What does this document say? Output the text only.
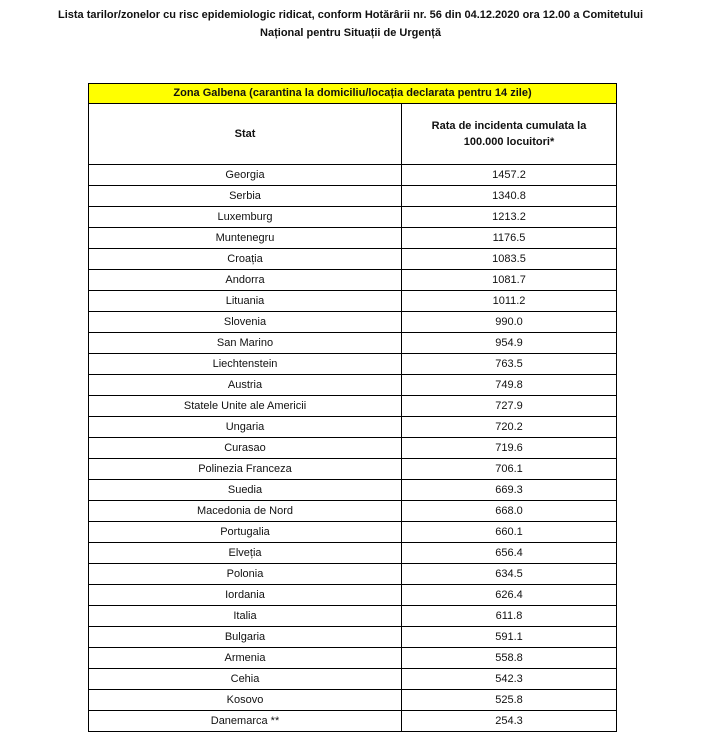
Lista tarilor/zonelor cu risc epidemiologic ridicat, conform Hotărârii nr. 56 din 04.12.2020 ora 12.00 a Comitetului
Național pentru Situații de Urgență
Zona Galbena (carantina la domiciliu/locația declarata pentru 14 zile)	
Stat	Rata de incidenta cumulata la
100.000 locuitori*

Georgia	1457.2
Serbia	1340.8
Luxemburg	1213.2
Muntenegru	1176.5
Croația	1083.5
Andorra	1081.7
Lituania	1011.2
Slovenia	990.0
San Marino	954.9
Liechtenstein	763.5
Austria	749.8
Statele Unite ale Americii	727.9
Ungaria	720.2
Curasao	719.6
Polinezia Franceza	706.1
Suedia	669.3
Macedonia de Nord	668.0
Portugalia	660.1
Elveția	656.4
Polonia	634.5
Iordania	626.4
Italia	611.8
Bulgaria	591.1
Armenia	558.8
Cehia	542.3
Kosovo	525.8
Danemarca **	254.3
